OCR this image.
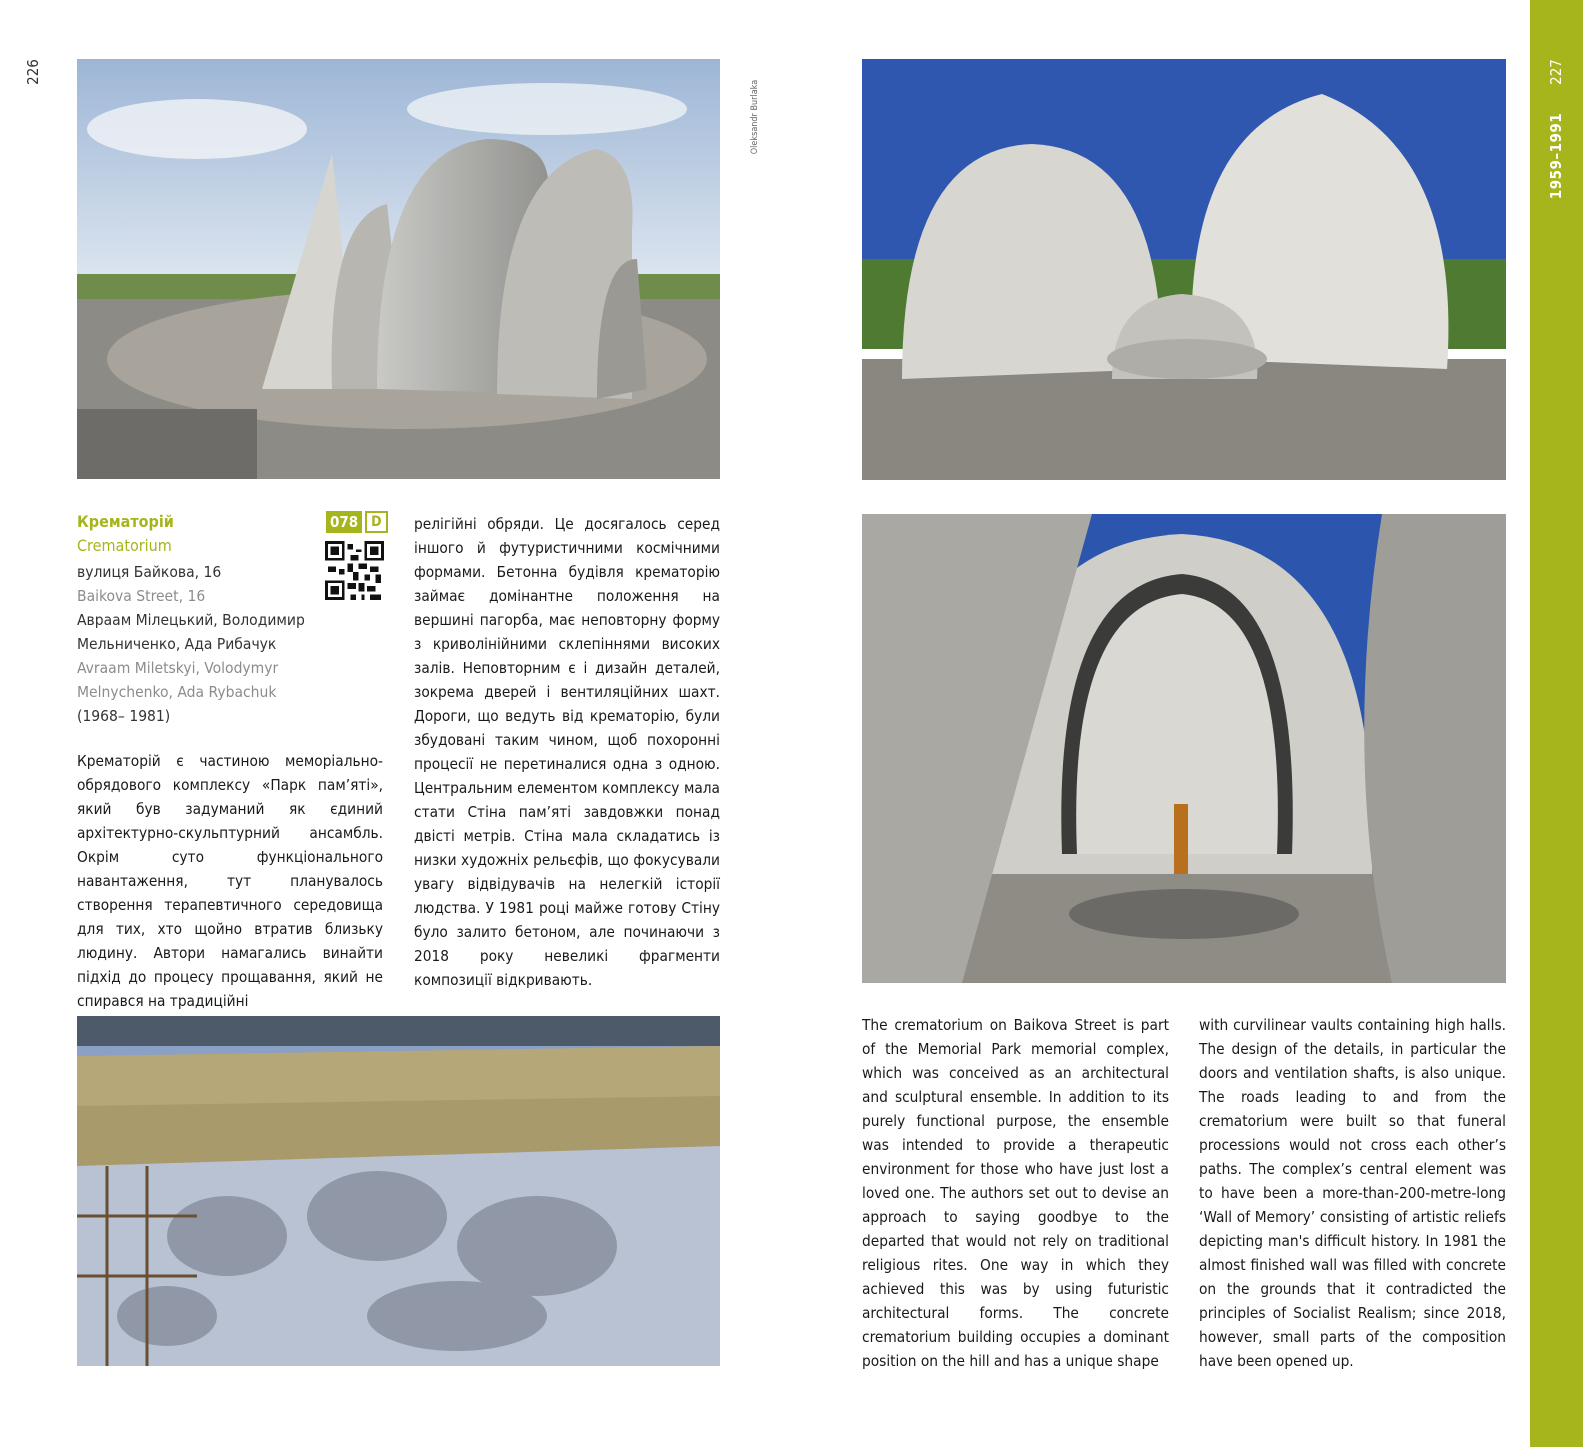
226	227
1959–1991
Oleksandr Burlaka
Крематорій
Crematorium
078 D
вулиця Байкова, 16
Baikova Street, 16
Авраам Мілецький, Володимир
Мельниченко, Ада Рибачук
Avraam Miletskyi, Volodymyr
Melnychenko, Ada Rybachuk
(1968– 1981)
Крематорій є частиною меморіально-обрядового комплексу «Парк пам’яті», який був задуманий як єдиний архітектурно-скульптурний ансамбль. Окрім суто функціонального навантаження, тут планувалось створення терапевтичного середовища для тих, хто щойно втратив близьку людину. Автори намагались винайти підхід до процесу прощавання, який не спирався на традиційні
релігійні обряди. Це досягалось серед іншого й футуристичними космічними формами. Бетонна будівля крематорію займає домінантне положення на вершині пагорба, має неповторну форму з криволінійними склепіннями високих залів. Неповторним є і дизайн деталей, зокрема дверей і вентиляційних шахт. Дороги, що ведуть від крематорію, були збудовані таким чином, щоб похоронні процесії не перетиналися одна з одною. Центральним елементом комплексу мала стати Стіна пам’яті завдовжки понад двісті метрів. Стіна мала складатись із низки художніх рельєфів, що фокусували увагу відвідувачів на нелегкій історії людства. У 1981 році майже готову Стіну було залито бетоном, але починаючи з 2018 року невеликі фрагменти композиції відкривають.
The crematorium on Baikova Street is part of the Memorial Park memorial complex, which was conceived as an architectural and sculptural ensemble. In addition to its purely functional purpose, the ensemble was intended to provide a therapeutic environment for those who have just lost a loved one. The authors set out to devise an approach to saying goodbye to the departed that would not rely on traditional religious rites. One way in which they achieved this was by using futuristic architectural forms. The concrete crematorium building occupies a dominant position on the hill and has a unique shape
with curvilinear vaults containing high halls. The design of the details, in particular the doors and ventilation shafts, is also unique. The roads leading to and from the crematorium were built so that funeral processions would not cross each other’s paths. The complex’s central element was to have been a more-than-200-metre-long ‘Wall of Memory’ consisting of artistic reliefs depicting man's difficult history. In 1981 the almost finished wall was filled with concrete on the grounds that it contradicted the principles of Socialist Realism; since 2018, however, small parts of the composition have been opened up.
